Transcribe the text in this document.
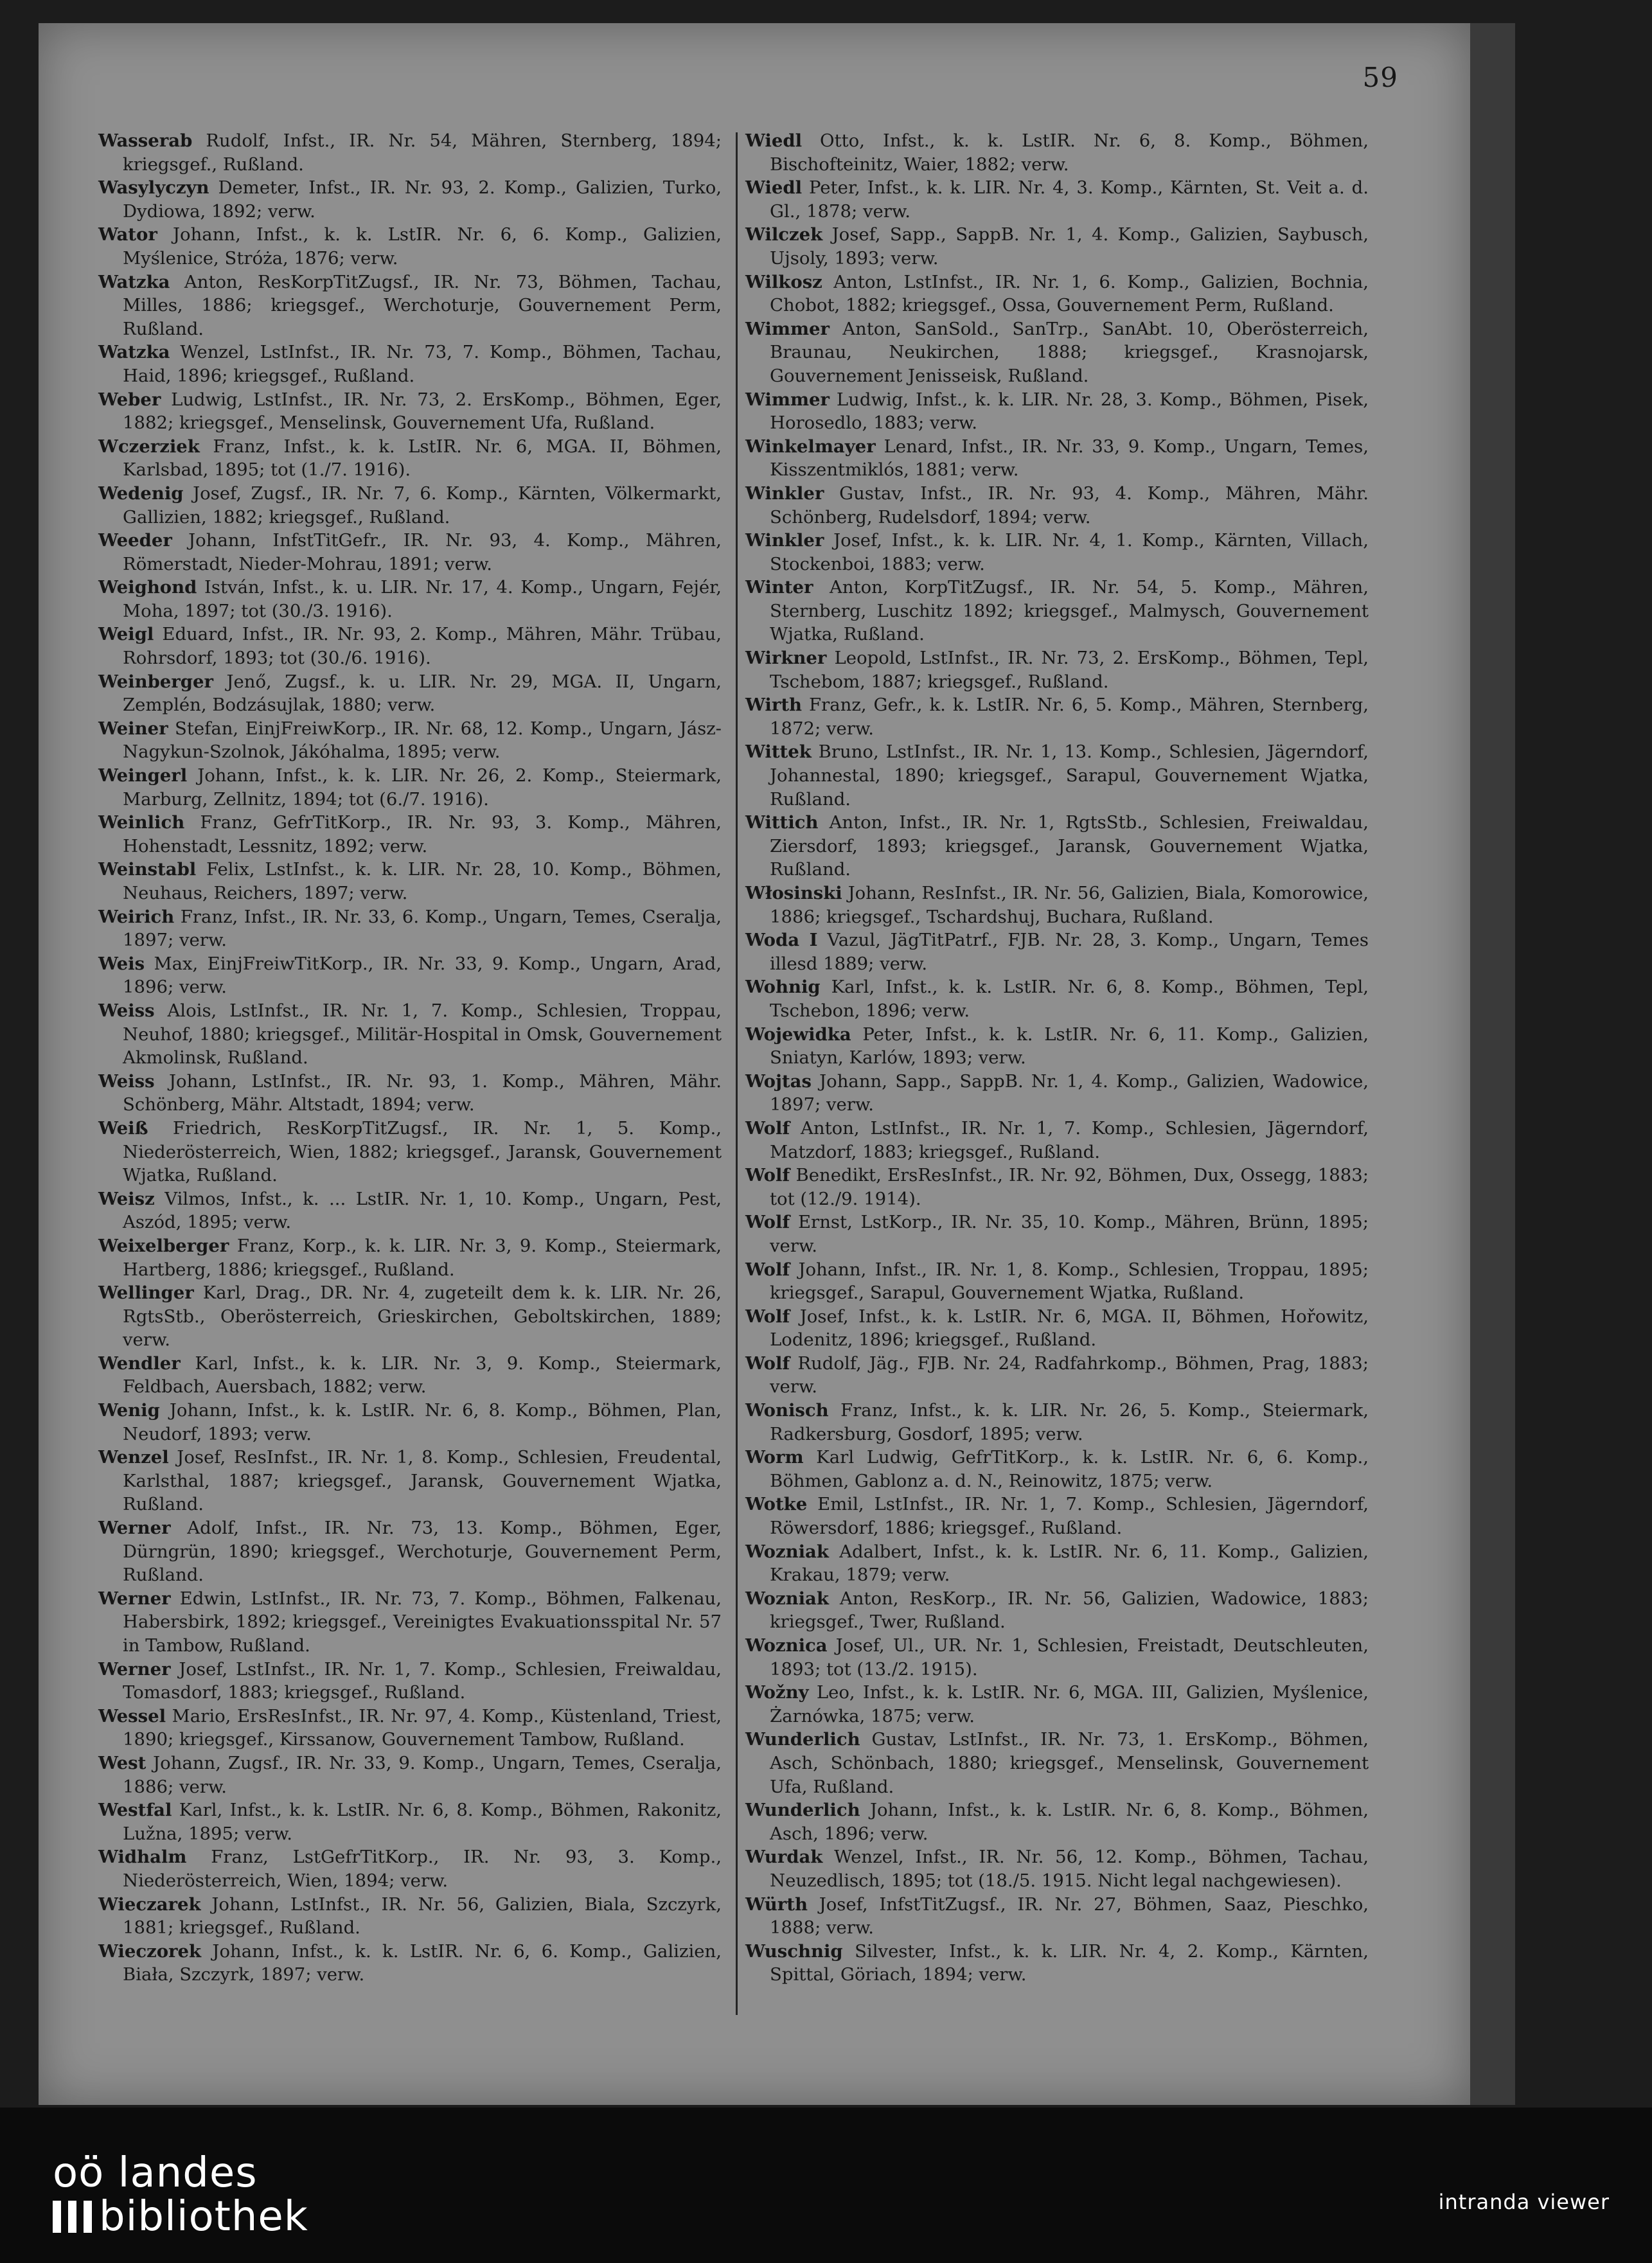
59

Wasserab Rudolf, Infst., IR. Nr. 54, Mähren, Sternberg, 1894; kriegsgef., Rußland.

Wasylyczyn Demeter, Infst., IR. Nr. 93, 2. Komp., Galizien, Turko, Dydiowa, 1892; verw.

Wator Johann, Infst., k. k. LstIR. Nr. 6, 6. Komp., Galizien, Myślenice, Stróża, 1876; verw.

Watzka Anton, ResKorpTitZugsf., IR. Nr. 73, Böhmen, Tachau, Milles, 1886; kriegsgef., Werchoturje, Gouvernement Perm, Rußland.

Watzka Wenzel, LstInfst., IR. Nr. 73, 7. Komp., Böhmen, Tachau, Haid, 1896; kriegsgef., Rußland.

Weber Ludwig, LstInfst., IR. Nr. 73, 2. ErsKomp., Böhmen, Eger, 1882; kriegsgef., Menselinsk, Gouvernement Ufa, Rußland.

Wczerziek Franz, Infst., k. k. LstIR. Nr. 6, MGA. II, Böhmen, Karlsbad, 1895; tot (1./7. 1916).

Wedenig Josef, Zugsf., IR. Nr. 7, 6. Komp., Kärnten, Völkermarkt, Gallizien, 1882; kriegsgef., Rußland.

Weeder Johann, InfstTitGefr., IR. Nr. 93, 4. Komp., Mähren, Römerstadt, Nieder-Mohrau, 1891; verw.

Weighond István, Infst., k. u. LIR. Nr. 17, 4. Komp., Ungarn, Fejér, Moha, 1897; tot (30./3. 1916).

Weigl Eduard, Infst., IR. Nr. 93, 2. Komp., Mähren, Mähr. Trübau, Rohrsdorf, 1893; tot (30./6. 1916).

Weinberger Jenő, Zugsf., k. u. LIR. Nr. 29, MGA. II, Ungarn, Zemplén, Bodzásujlak, 1880; verw.

Weiner Stefan, EinjFreiwKorp., IR. Nr. 68, 12. Komp., Ungarn, Jász-Nagykun-Szolnok, Jákóhalma, 1895; verw.

Weingerl Johann, Infst., k. k. LIR. Nr. 26, 2. Komp., Steiermark, Marburg, Zellnitz, 1894; tot (6./7. 1916).

Weinlich Franz, GefrTitKorp., IR. Nr. 93, 3. Komp., Mähren, Hohenstadt, Lessnitz, 1892; verw.

Weinstabl Felix, LstInfst., k. k. LIR. Nr. 28, 10. Komp., Böhmen, Neuhaus, Reichers, 1897; verw.

Weirich Franz, Infst., IR. Nr. 33, 6. Komp., Ungarn, Temes, Cseralja, 1897; verw.

Weis Max, EinjFreiwTitKorp., IR. Nr. 33, 9. Komp., Ungarn, Arad, 1896; verw.

Weiss Alois, LstInfst., IR. Nr. 1, 7. Komp., Schlesien, Troppau, Neuhof, 1880; kriegsgef., Militär-Hospital in Omsk, Gouvernement Akmolinsk, Rußland.

Weiss Johann, LstInfst., IR. Nr. 93, 1. Komp., Mähren, Mähr. Schönberg, Mähr. Altstadt, 1894; verw.

Weiß Friedrich, ResKorpTitZugsf., IR. Nr. 1, 5. Komp., Niederösterreich, Wien, 1882; kriegsgef., Jaransk, Gouvernement Wjatka, Rußland.

Weisz Vilmos, Infst., k. ... LstIR. Nr. 1, 10. Komp., Ungarn, Pest, Aszód, 1895; verw.

Weixelberger Franz, Korp., k. k. LIR. Nr. 3, 9. Komp., Steiermark, Hartberg, 1886; kriegsgef., Rußland.

Wellinger Karl, Drag., DR. Nr. 4, zugeteilt dem k. k. LIR. Nr. 26, RgtsStb., Oberösterreich, Grieskirchen, Geboltskirchen, 1889; verw.

Wendler Karl, Infst., k. k. LIR. Nr. 3, 9. Komp., Steiermark, Feldbach, Auersbach, 1882; verw.

Wenig Johann, Infst., k. k. LstIR. Nr. 6, 8. Komp., Böhmen, Plan, Neudorf, 1893; verw.

Wenzel Josef, ResInfst., IR. Nr. 1, 8. Komp., Schlesien, Freudental, Karlsthal, 1887; kriegsgef., Jaransk, Gouvernement Wjatka, Rußland.

Werner Adolf, Infst., IR. Nr. 73, 13. Komp., Böhmen, Eger, Dürngrün, 1890; kriegsgef., Werchoturje, Gouvernement Perm, Rußland.

Werner Edwin, LstInfst., IR. Nr. 73, 7. Komp., Böhmen, Falkenau, Habersbirk, 1892; kriegsgef., Vereinigtes Evakuationsspital Nr. 57 in Tambow, Rußland.

Werner Josef, LstInfst., IR. Nr. 1, 7. Komp., Schlesien, Freiwaldau, Tomasdorf, 1883; kriegsgef., Rußland.

Wessel Mario, ErsResInfst., IR. Nr. 97, 4. Komp., Küstenland, Triest, 1890; kriegsgef., Kirssanow, Gouvernement Tambow, Rußland.

West Johann, Zugsf., IR. Nr. 33, 9. Komp., Ungarn, Temes, Cseralja, 1886; verw.

Westfal Karl, Infst., k. k. LstIR. Nr. 6, 8. Komp., Böhmen, Rakonitz, Lužna, 1895; verw.

Widhalm Franz, LstGefrTitKorp., IR. Nr. 93, 3. Komp., Niederösterreich, Wien, 1894; verw.

Wieczarek Johann, LstInfst., IR. Nr. 56, Galizien, Biala, Szczyrk, 1881; kriegsgef., Rußland.

Wieczorek Johann, Infst., k. k. LstIR. Nr. 6, 6. Komp., Galizien, Biała, Szczyrk, 1897; verw.

Wiedl Otto, Infst., k. k. LstIR. Nr. 6, 8. Komp., Böhmen, Bischofteinitz, Waier, 1882; verw.

Wiedl Peter, Infst., k. k. LIR. Nr. 4, 3. Komp., Kärnten, St. Veit a. d. Gl., 1878; verw.

Wilczek Josef, Sapp., SappB. Nr. 1, 4. Komp., Galizien, Saybusch, Ujsoly, 1893; verw.

Wilkosz Anton, LstInfst., IR. Nr. 1, 6. Komp., Galizien, Bochnia, Chobot, 1882; kriegsgef., Ossa, Gouvernement Perm, Rußland.

Wimmer Anton, SanSold., SanTrp., SanAbt. 10, Oberösterreich, Braunau, Neukirchen, 1888; kriegsgef., Krasnojarsk, Gouvernement Jenisseisk, Rußland.

Wimmer Ludwig, Infst., k. k. LIR. Nr. 28, 3. Komp., Böhmen, Pisek, Horosedlo, 1883; verw.

Winkelmayer Lenard, Infst., IR. Nr. 33, 9. Komp., Ungarn, Temes, Kisszentmiklós, 1881; verw.

Winkler Gustav, Infst., IR. Nr. 93, 4. Komp., Mähren, Mähr. Schönberg, Rudelsdorf, 1894; verw.

Winkler Josef, Infst., k. k. LIR. Nr. 4, 1. Komp., Kärnten, Villach, Stockenboi, 1883; verw.

Winter Anton, KorpTitZugsf., IR. Nr. 54, 5. Komp., Mähren, Sternberg, Luschitz 1892; kriegsgef., Malmysch, Gouvernement Wjatka, Rußland.

Wirkner Leopold, LstInfst., IR. Nr. 73, 2. ErsKomp., Böhmen, Tepl, Tschebom, 1887; kriegsgef., Rußland.

Wirth Franz, Gefr., k. k. LstIR. Nr. 6, 5. Komp., Mähren, Sternberg, 1872; verw.

Wittek Bruno, LstInfst., IR. Nr. 1, 13. Komp., Schlesien, Jägerndorf, Johannestal, 1890; kriegsgef., Sarapul, Gouvernement Wjatka, Rußland.

Wittich Anton, Infst., IR. Nr. 1, RgtsStb., Schlesien, Freiwaldau, Ziersdorf, 1893; kriegsgef., Jaransk, Gouvernement Wjatka, Rußland.

Włosinski Johann, ResInfst., IR. Nr. 56, Galizien, Biala, Komorowice, 1886; kriegsgef., Tschardshuj, Buchara, Rußland.

Woda I Vazul, JägTitPatrf., FJB. Nr. 28, 3. Komp., Ungarn, Temes illesd 1889; verw.

Wohnig Karl, Infst., k. k. LstIR. Nr. 6, 8. Komp., Böhmen, Tepl, Tschebon, 1896; verw.

Wojewidka Peter, Infst., k. k. LstIR. Nr. 6, 11. Komp., Galizien, Sniatyn, Karlów, 1893; verw.

Wojtas Johann, Sapp., SappB. Nr. 1, 4. Komp., Galizien, Wadowice, 1897; verw.

Wolf Anton, LstInfst., IR. Nr. 1, 7. Komp., Schlesien, Jägerndorf, Matzdorf, 1883; kriegsgef., Rußland.

Wolf Benedikt, ErsResInfst., IR. Nr. 92, Böhmen, Dux, Ossegg, 1883; tot (12./9. 1914).

Wolf Ernst, LstKorp., IR. Nr. 35, 10. Komp., Mähren, Brünn, 1895; verw.

Wolf Johann, Infst., IR. Nr. 1, 8. Komp., Schlesien, Troppau, 1895; kriegsgef., Sarapul, Gouvernement Wjatka, Rußland.

Wolf Josef, Infst., k. k. LstIR. Nr. 6, MGA. II, Böhmen, Hořowitz, Lodenitz, 1896; kriegsgef., Rußland.

Wolf Rudolf, Jäg., FJB. Nr. 24, Radfahrkomp., Böhmen, Prag, 1883; verw.

Wonisch Franz, Infst., k. k. LIR. Nr. 26, 5. Komp., Steiermark, Radkersburg, Gosdorf, 1895; verw.

Worm Karl Ludwig, GefrTitKorp., k. k. LstIR. Nr. 6, 6. Komp., Böhmen, Gablonz a. d. N., Reinowitz, 1875; verw.

Wotke Emil, LstInfst., IR. Nr. 1, 7. Komp., Schlesien, Jägerndorf, Röwersdorf, 1886; kriegsgef., Rußland.

Wozniak Adalbert, Infst., k. k. LstIR. Nr. 6, 11. Komp., Galizien, Krakau, 1879; verw.

Wozniak Anton, ResKorp., IR. Nr. 56, Galizien, Wadowice, 1883; kriegsgef., Twer, Rußland.

Woznica Josef, Ul., UR. Nr. 1, Schlesien, Freistadt, Deutschleuten, 1893; tot (13./2. 1915).

Wožny Leo, Infst., k. k. LstIR. Nr. 6, MGA. III, Galizien, Myślenice, Żarnówka, 1875; verw.

Wunderlich Gustav, LstInfst., IR. Nr. 73, 1. ErsKomp., Böhmen, Asch, Schönbach, 1880; kriegsgef., Menselinsk, Gouvernement Ufa, Rußland.

Wunderlich Johann, Infst., k. k. LstIR. Nr. 6, 8. Komp., Böhmen, Asch, 1896; verw.

Wurdak Wenzel, Infst., IR. Nr. 56, 12. Komp., Böhmen, Tachau, Neuzedlisch, 1895; tot (18./5. 1915. Nicht legal nachgewiesen).

Würth Josef, InfstTitZugsf., IR. Nr. 27, Böhmen, Saaz, Pieschko, 1888; verw.

Wuschnig Silvester, Infst., k. k. LIR. Nr. 4, 2. Komp., Kärnten, Spittal, Göriach, 1894; verw.

oö landes
bibliothek	intranda viewer
